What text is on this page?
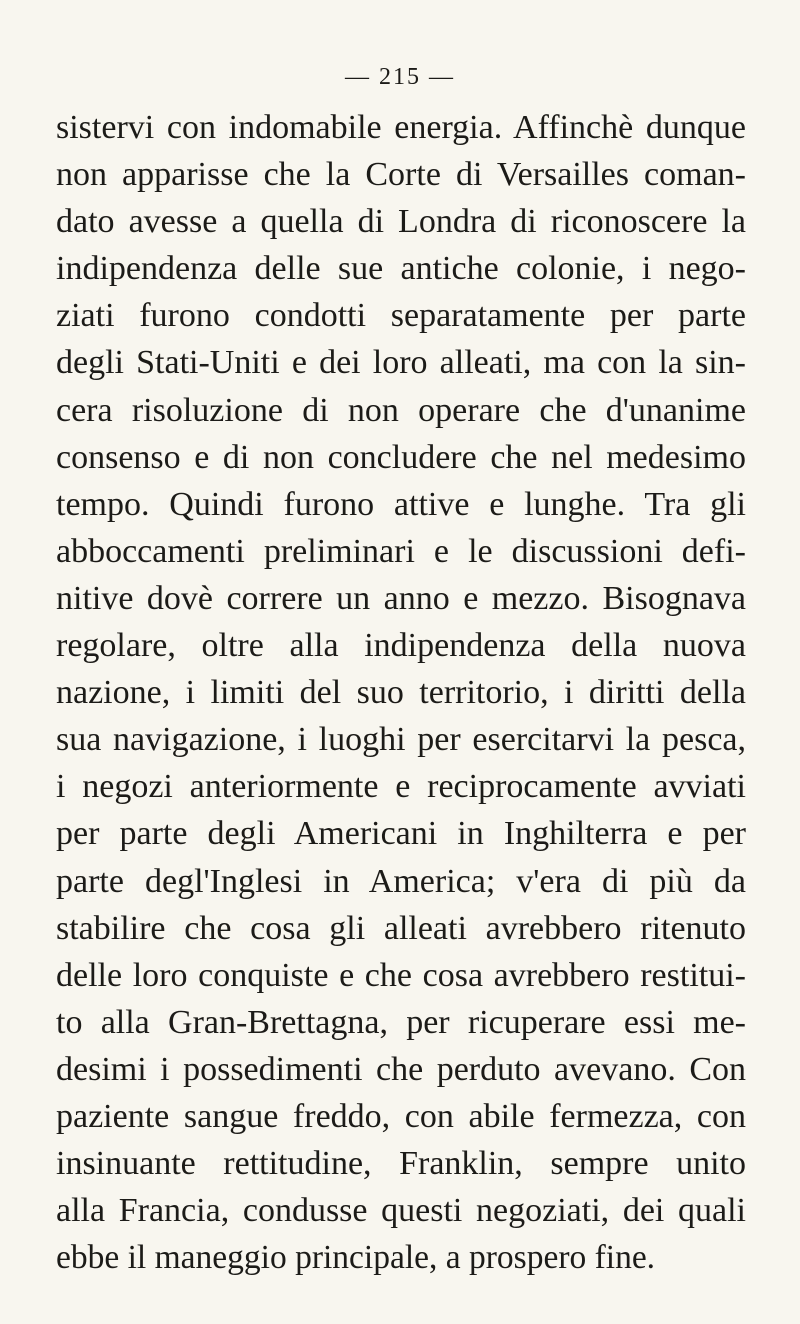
— 215 —
sistervi con indomabile energia. Affinchè dunque
non apparisse che la Corte di Versailles coman-
dato avesse a quella di Londra di riconoscere la
indipendenza delle sue antiche colonie, i nego-
ziati furono condotti separatamente per parte
degli Stati-Uniti e dei loro alleati, ma con la sin-
cera risoluzione di non operare che d'unanime
consenso e di non concludere che nel medesimo
tempo. Quindi furono attive e lunghe. Tra gli
abboccamenti preliminari e le discussioni defi-
nitive dovè correre un anno e mezzo. Bisognava
regolare, oltre alla indipendenza della nuova
nazione, i limiti del suo territorio, i diritti della
sua navigazione, i luoghi per esercitarvi la pesca,
i negozi anteriormente e reciprocamente avviati
per parte degli Americani in Inghilterra e per
parte degl'Inglesi in America; v'era di più da
stabilire che cosa gli alleati avrebbero ritenuto
delle loro conquiste e che cosa avrebbero restitui-
to alla Gran-Brettagna, per ricuperare essi me-
desimi i possedimenti che perduto avevano. Con
paziente sangue freddo, con abile fermezza, con
insinuante rettitudine, Franklin, sempre unito
alla Francia, condusse questi negoziati, dei quali
ebbe il maneggio principale, a prospero fine.
